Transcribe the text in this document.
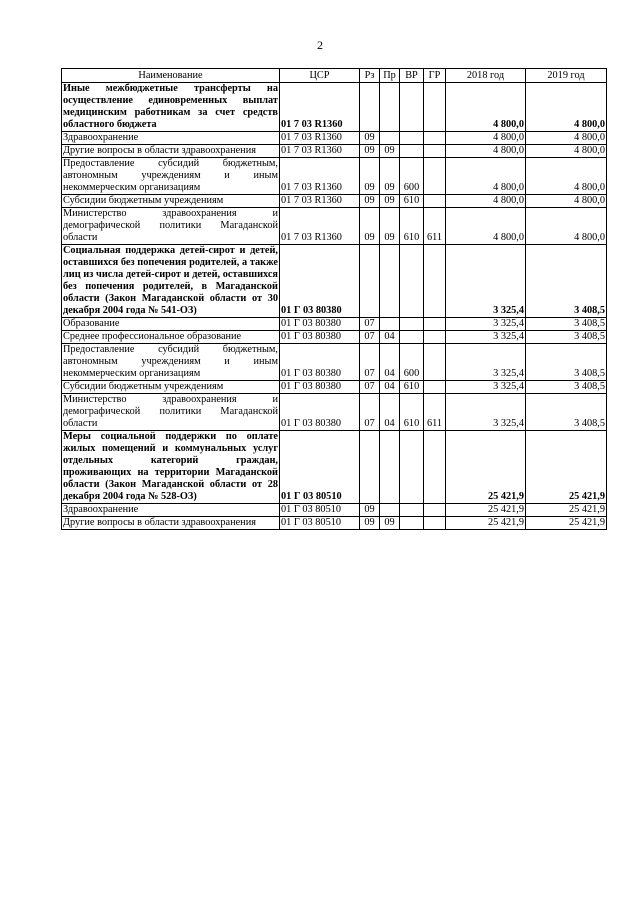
2
Наименование	ЦСР	Рз	Пр	ВР	ГР	2018 год	2019 год
Иные межбюджетные трансферты на осуществление единовременных выплат медицинским работникам за счет средств областного бюджета	01 7 03 R1360					4 800,0	4 800,0
Здравоохранение	01 7 03 R1360	09				4 800,0	4 800,0
Другие вопросы в области здравоохранения	01 7 03 R1360	09	09			4 800,0	4 800,0
Предоставление субсидий бюджетным, автономным учреждениям и иным некоммерческим организациям	01 7 03 R1360	09	09	600		4 800,0	4 800,0
Субсидии бюджетным учреждениям	01 7 03 R1360	09	09	610		4 800,0	4 800,0
Министерство здравоохранения и демографической политики Магаданской области	01 7 03 R1360	09	09	610	611	4 800,0	4 800,0
Социальная поддержка детей-сирот и детей, оставшихся без попечения родителей, а также лиц из числа детей-сирот и детей, оставшихся без попечения родителей, в Магаданской области (Закон Магаданской области от 30 декабря 2004 года № 541-ОЗ)	01 Г 03 80380					3 325,4	3 408,5
Образование	01 Г 03 80380	07				3 325,4	3 408,5
Среднее профессиональное образование	01 Г 03 80380	07	04			3 325,4	3 408,5
Предоставление субсидий бюджетным, автономным учреждениям и иным некоммерческим организациям	01 Г 03 80380	07	04	600		3 325,4	3 408,5
Субсидии бюджетным учреждениям	01 Г 03 80380	07	04	610		3 325,4	3 408,5
Министерство здравоохранения и демографической политики Магаданской области	01 Г 03 80380	07	04	610	611	3 325,4	3 408,5
Меры социальной поддержки по оплате жилых помещений и коммунальных услуг отдельных категорий граждан, проживающих на территории Магаданской области (Закон Магаданской области от 28 декабря 2004 года № 528-ОЗ)	01 Г 03 80510					25 421,9	25 421,9
Здравоохранение	01 Г 03 80510	09				25 421,9	25 421,9
Другие вопросы в области здравоохранения	01 Г 03 80510	09	09			25 421,9	25 421,9
